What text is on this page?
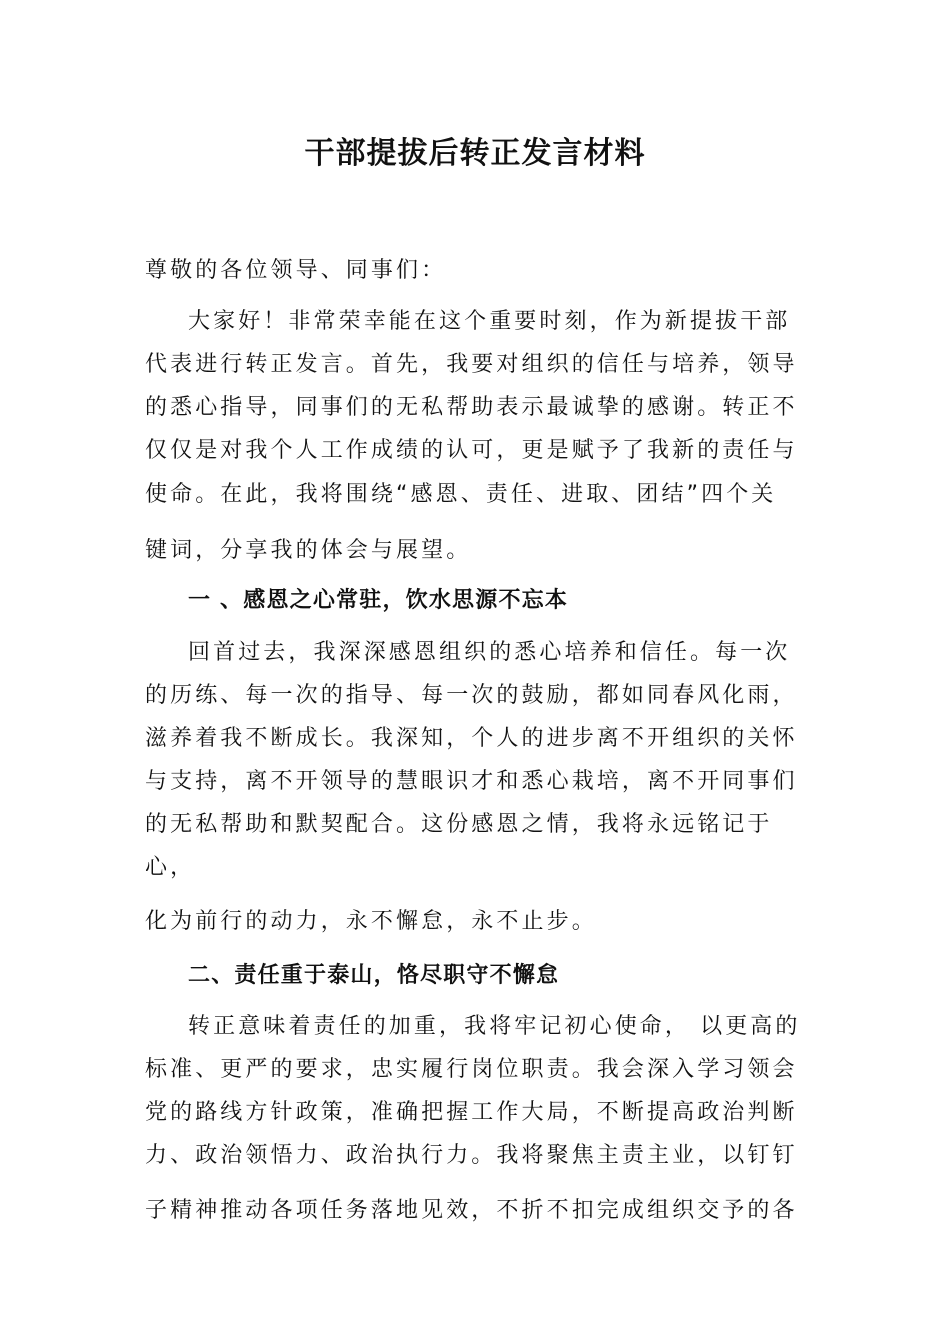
干部提拔后转正发言材料
尊敬的各位领导、同事们：
大家好！非常荣幸能在这个重要时刻，作为新提拔干部
代表进行转正发言。首先，我要对组织的信任与培养，领导
的悉心指导，同事们的无私帮助表示最诚挚的感谢。转正不
仅仅是对我个人工作成绩的认可，更是赋予了我新的责任与
使命。在此，我将围绕“感恩、责任、进取、团结”四个关
键词，分享我的体会与展望。
一 、感恩之心常驻，饮水思源不忘本
回首过去，我深深感恩组织的悉心培养和信任。每一次
的历练、每一次的指导、每一次的鼓励，都如同春风化雨，
滋养着我不断成长。我深知，个人的进步离不开组织的关怀
与支持，离不开领导的慧眼识才和悉心栽培，离不开同事们
的无私帮助和默契配合。这份感恩之情，我将永远铭记于
心，
化为前行的动力，永不懈怠，永不止步。
二、责任重于泰山，恪尽职守不懈怠
转正意味着责任的加重，我将牢记初心使命， 以更高的
标准、更严的要求，忠实履行岗位职责。我会深入学习领会
党的路线方针政策，准确把握工作大局，不断提高政治判断
力、政治领悟力、政治执行力。我将聚焦主责主业，以钉钉
子精神推动各项任务落地见效，不折不扣完成组织交予的各
